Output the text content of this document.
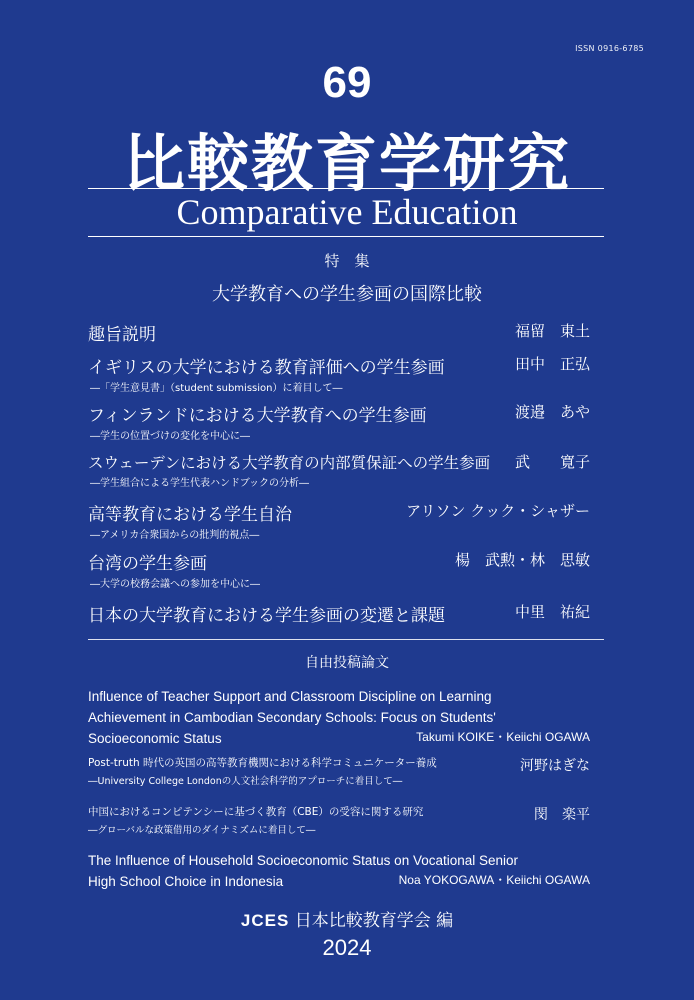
ISSN 0916-6785
69
比較教育学研究
Comparative Education
特　集
大学教育への学生参画の国際比較
趣旨説明	福留　東土
イギリスの大学における教育評価への学生参画	田中　正弘
―「学生意見書」（student submission）に着目して―
フィンランドにおける大学教育への学生参画	渡邉　あや
―学生の位置づけの変化を中心に―
スウェーデンにおける大学教育の内部質保証への学生参画	武　　寛子
―学生組合による学生代表ハンドブックの分析―
高等教育における学生自治	アリソン クック・シャザー
―アメリカ合衆国からの批判的視点―
台湾の学生参画	楊　武勲・林　思敏
―大学の校務会議への参加を中心に―
日本の大学教育における学生参画の変遷と課題	中里　祐紀
自由投稿論文
Influence of Teacher Support and Classroom Discipline on Learning
Achievement in Cambodian Secondary Schools: Focus on Students'
Socioeconomic Status	Takumi KOIKE・Keiichi OGAWA
Post-truth 時代の英国の高等教育機関における科学コミュニケーター養成	河野はぎな
―University College Londonの人文社会科学的アプローチに着目して―
中国におけるコンピテンシーに基づく教育（CBE）の受容に関する研究	閔　楽平
―グローバルな政策借用のダイナミズムに着目して―
The Influence of Household Socioeconomic Status on Vocational Senior
High School Choice in Indonesia	Noa YOKOGAWA・Keiichi OGAWA
JCES 日本比較教育学会 編
2024
